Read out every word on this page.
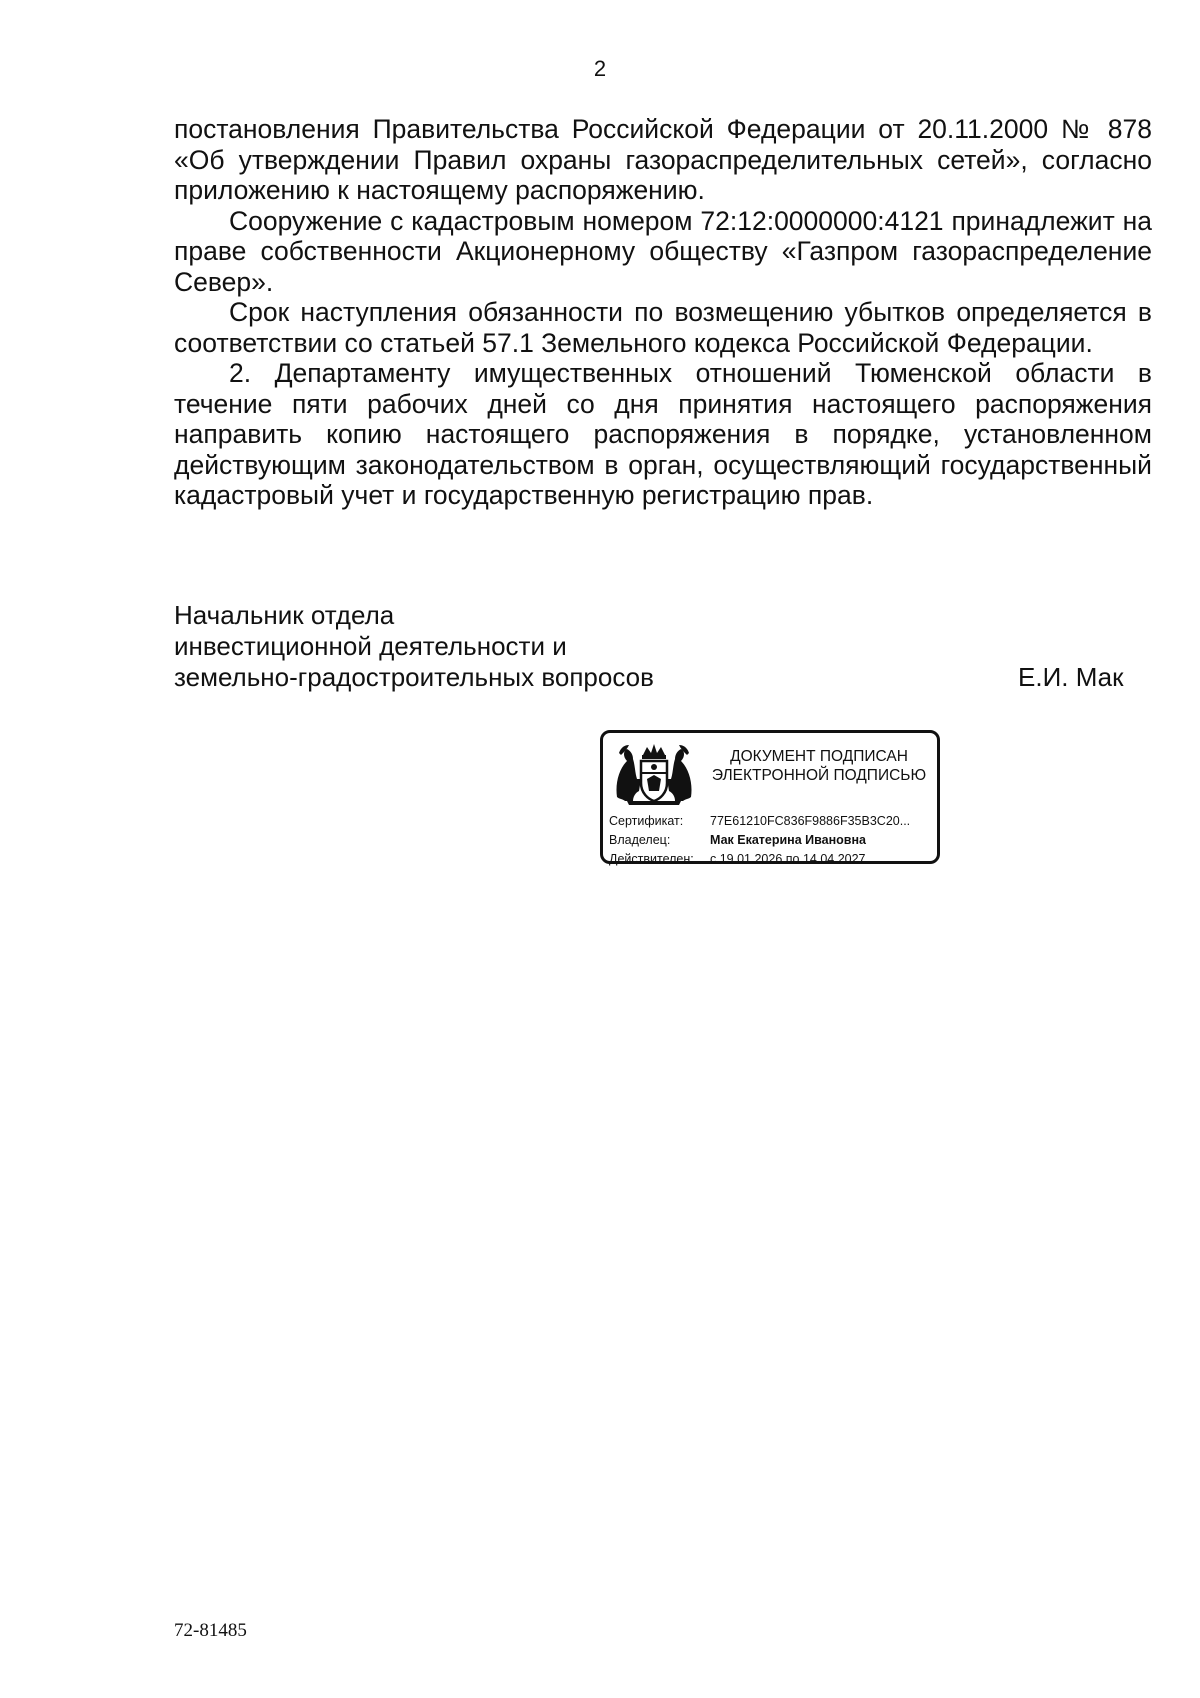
2

постановления Правительства Российской Федерации от 20.11.2000 № 878 «Об утверждении Правил охраны газораспределительных сетей», согласно приложению к настоящему распоряжению.

Сооружение с кадастровым номером 72:12:0000000:4121 принадлежит на праве собственности Акционерному обществу «Газпром газораспределение Север».

Срок наступления обязанности по возмещению убытков определяется в соответствии со статьей 57.1 Земельного кодекса Российской Федерации.

2. Департаменту имущественных отношений Тюменской области в течение пяти рабочих дней со дня принятия настоящего распоряжения направить копию настоящего распоряжения в порядке, установленном действующим законодательством в орган, осуществляющий государственный кадастровый учет и государственную регистрацию прав.

Начальник отдела
инвестиционной деятельности и
земельно-градостроительных вопросов	Е.И. Мак
ДОКУМЕНТ ПОДПИСАН
ЭЛЕКТРОННОЙ ПОДПИСЬЮ
Сертификат: 77E61210FC836F9886F35B3C20...
Владелец:	Мак Екатерина Ивановна
Действителен: с 19.01.2026 по 14.04.2027
72-81485
